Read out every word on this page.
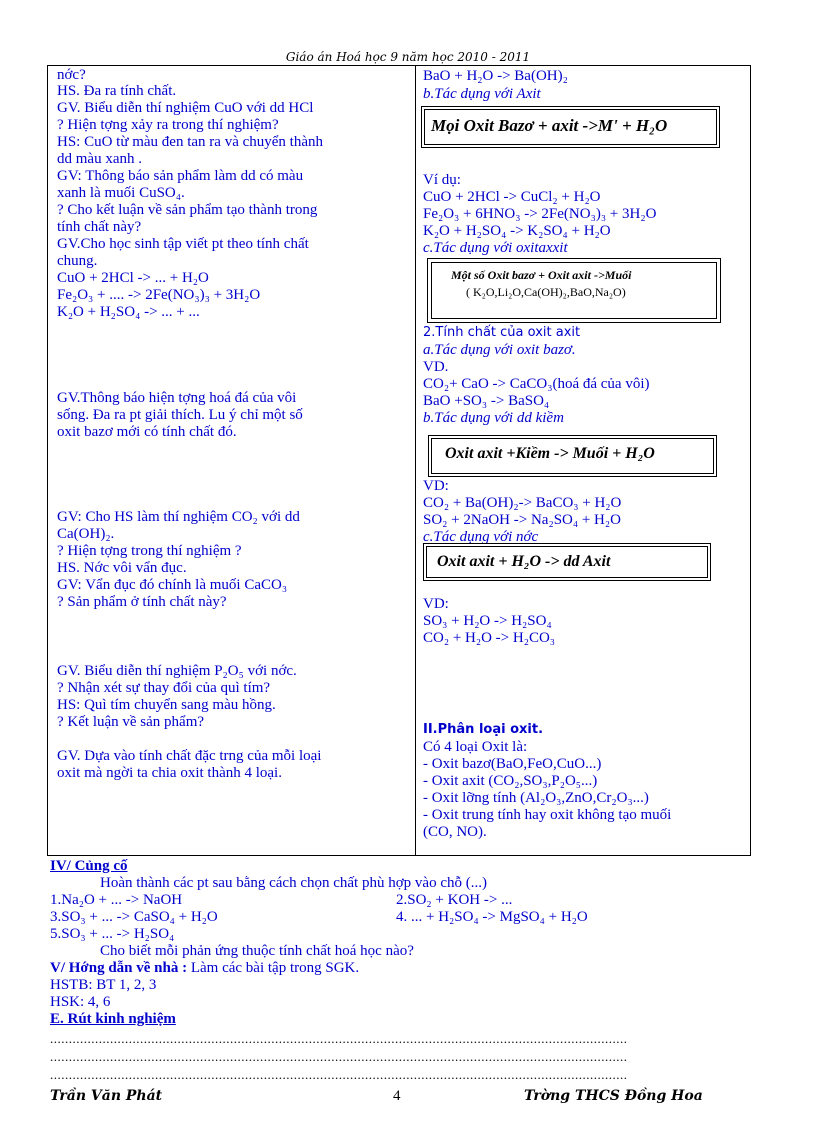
Giáo án Hoá học 9 năm học 2010 - 2011
nớc?
HS. Đa ra tính chất.
GV. Biểu diễn thí nghiệm CuO với dd HCl
? Hiện tợng xảy ra trong thí nghiệm?
HS: CuO từ màu đen tan ra và chuyển thành
dd màu xanh .
GV: Thông báo sản phẩm làm dd có màu
xanh là muối CuSO₄.
? Cho kết luận về sản phẩm tạo thành trong
tính chất này?
GV.Cho học sinh tập viết pt theo tính chất
chung.
CuO + 2HCl -> ... + H₂O
Fe₂O₃ + .... -> 2Fe(NO₃)₃ + 3H₂O
K₂O + H₂SO₄ -> ... + ...
GV.Thông báo hiện tợng hoá đá của vôi
sống. Đa ra pt giải thích. Lu ý chỉ một số
oxit bazơ mới có tính chất đó.
GV: Cho HS làm thí nghiệm CO₂ với dd
Ca(OH)₂.
? Hiện tợng trong thí nghiệm ?
HS. Nớc vôi vẩn đục.
GV: Vẩn đục đó chính là muối CaCO₃
? Sản phẩm ở tính chất này?
GV. Biểu diễn thí nghiệm P₂O₅ với nớc.
? Nhận xét sự thay đổi của quì tím?
HS: Quì tím chuyển sang màu hồng.
? Kết luận về sản phẩm?
GV. Dựa vào tính chất đặc trng của mỗi loại
oxit mà ngời ta chia oxit thành 4 loại.
BaO + H₂O -> Ba(OH)₂
b.Tác dụng với Axit
Mọi Oxit Bazơ + axit ->M' + H₂O
Ví dụ:
CuO + 2HCl -> CuCl₂ + H₂O
Fe₂O₃ + 6HNO₃ -> 2Fe(NO₃)₃ + 3H₂O
K₂O + H₂SO₄ -> K₂SO₄ + H₂O
c.Tác dụng với oxitaxxit
Một số Oxit bazơ + Oxit axit ->Muối
( K₂O,Li₂O,Ca(OH)₂,BaO,Na₂O)
2.Tính chất của oxit axit
a.Tác dụng với oxit bazơ.
VD.
CO₂+ CaO -> CaCO₃(hoá đá của vôi)
BaO +SO₃ -> BaSO₄
b.Tác dụng với dd kiềm
Oxit axit +Kiềm -> Muối + H₂O
VD:
CO₂ + Ba(OH)₂-> BaCO₃ + H₂O
SO₂ + 2NaOH -> Na₂SO₄ + H₂O
c.Tác dụng với nớc
Oxit axit + H₂O -> dd Axit
VD:
SO₃ + H₂O -> H₂SO₄
CO₂ + H₂O -> H₂CO₃
II.Phân loại oxit.
Có 4 loại Oxit là:
- Oxit bazơ(BaO,FeO,CuO...)
- Oxit axit (CO₂,SO₃,P₂O₅...)
- Oxit lỡng tính (Al₂O₃,ZnO,Cr₂O₃...)
- Oxit trung tính hay oxit không tạo muối
(CO, NO).
IV/ Củng cố
Hoàn thành các pt sau bằng cách chọn chất phù hợp vào chỗ (...)
1.Na₂O + ... -> NaOH	2.SO₂ + KOH -> ...
3.SO₃ + ... -> CaSO₄ + H₂O	4. ... + H₂SO₄ -> MgSO₄ + H₂O
5.SO₃ + ... -> H₂SO₄
Cho biết mỗi phản ứng thuộc tính chất hoá học nào?
V/ Hớng dẫn về nhà : Làm các bài tập trong SGK.
HSTB: BT 1, 2, 3
HSK: 4, 6
E. Rút kinh nghiệm
..........................................................................................................................................................
..........................................................................................................................................................
..........................................................................................................................................................
Trần Văn Phát	4	Trờng THCS Đồng Hoa
